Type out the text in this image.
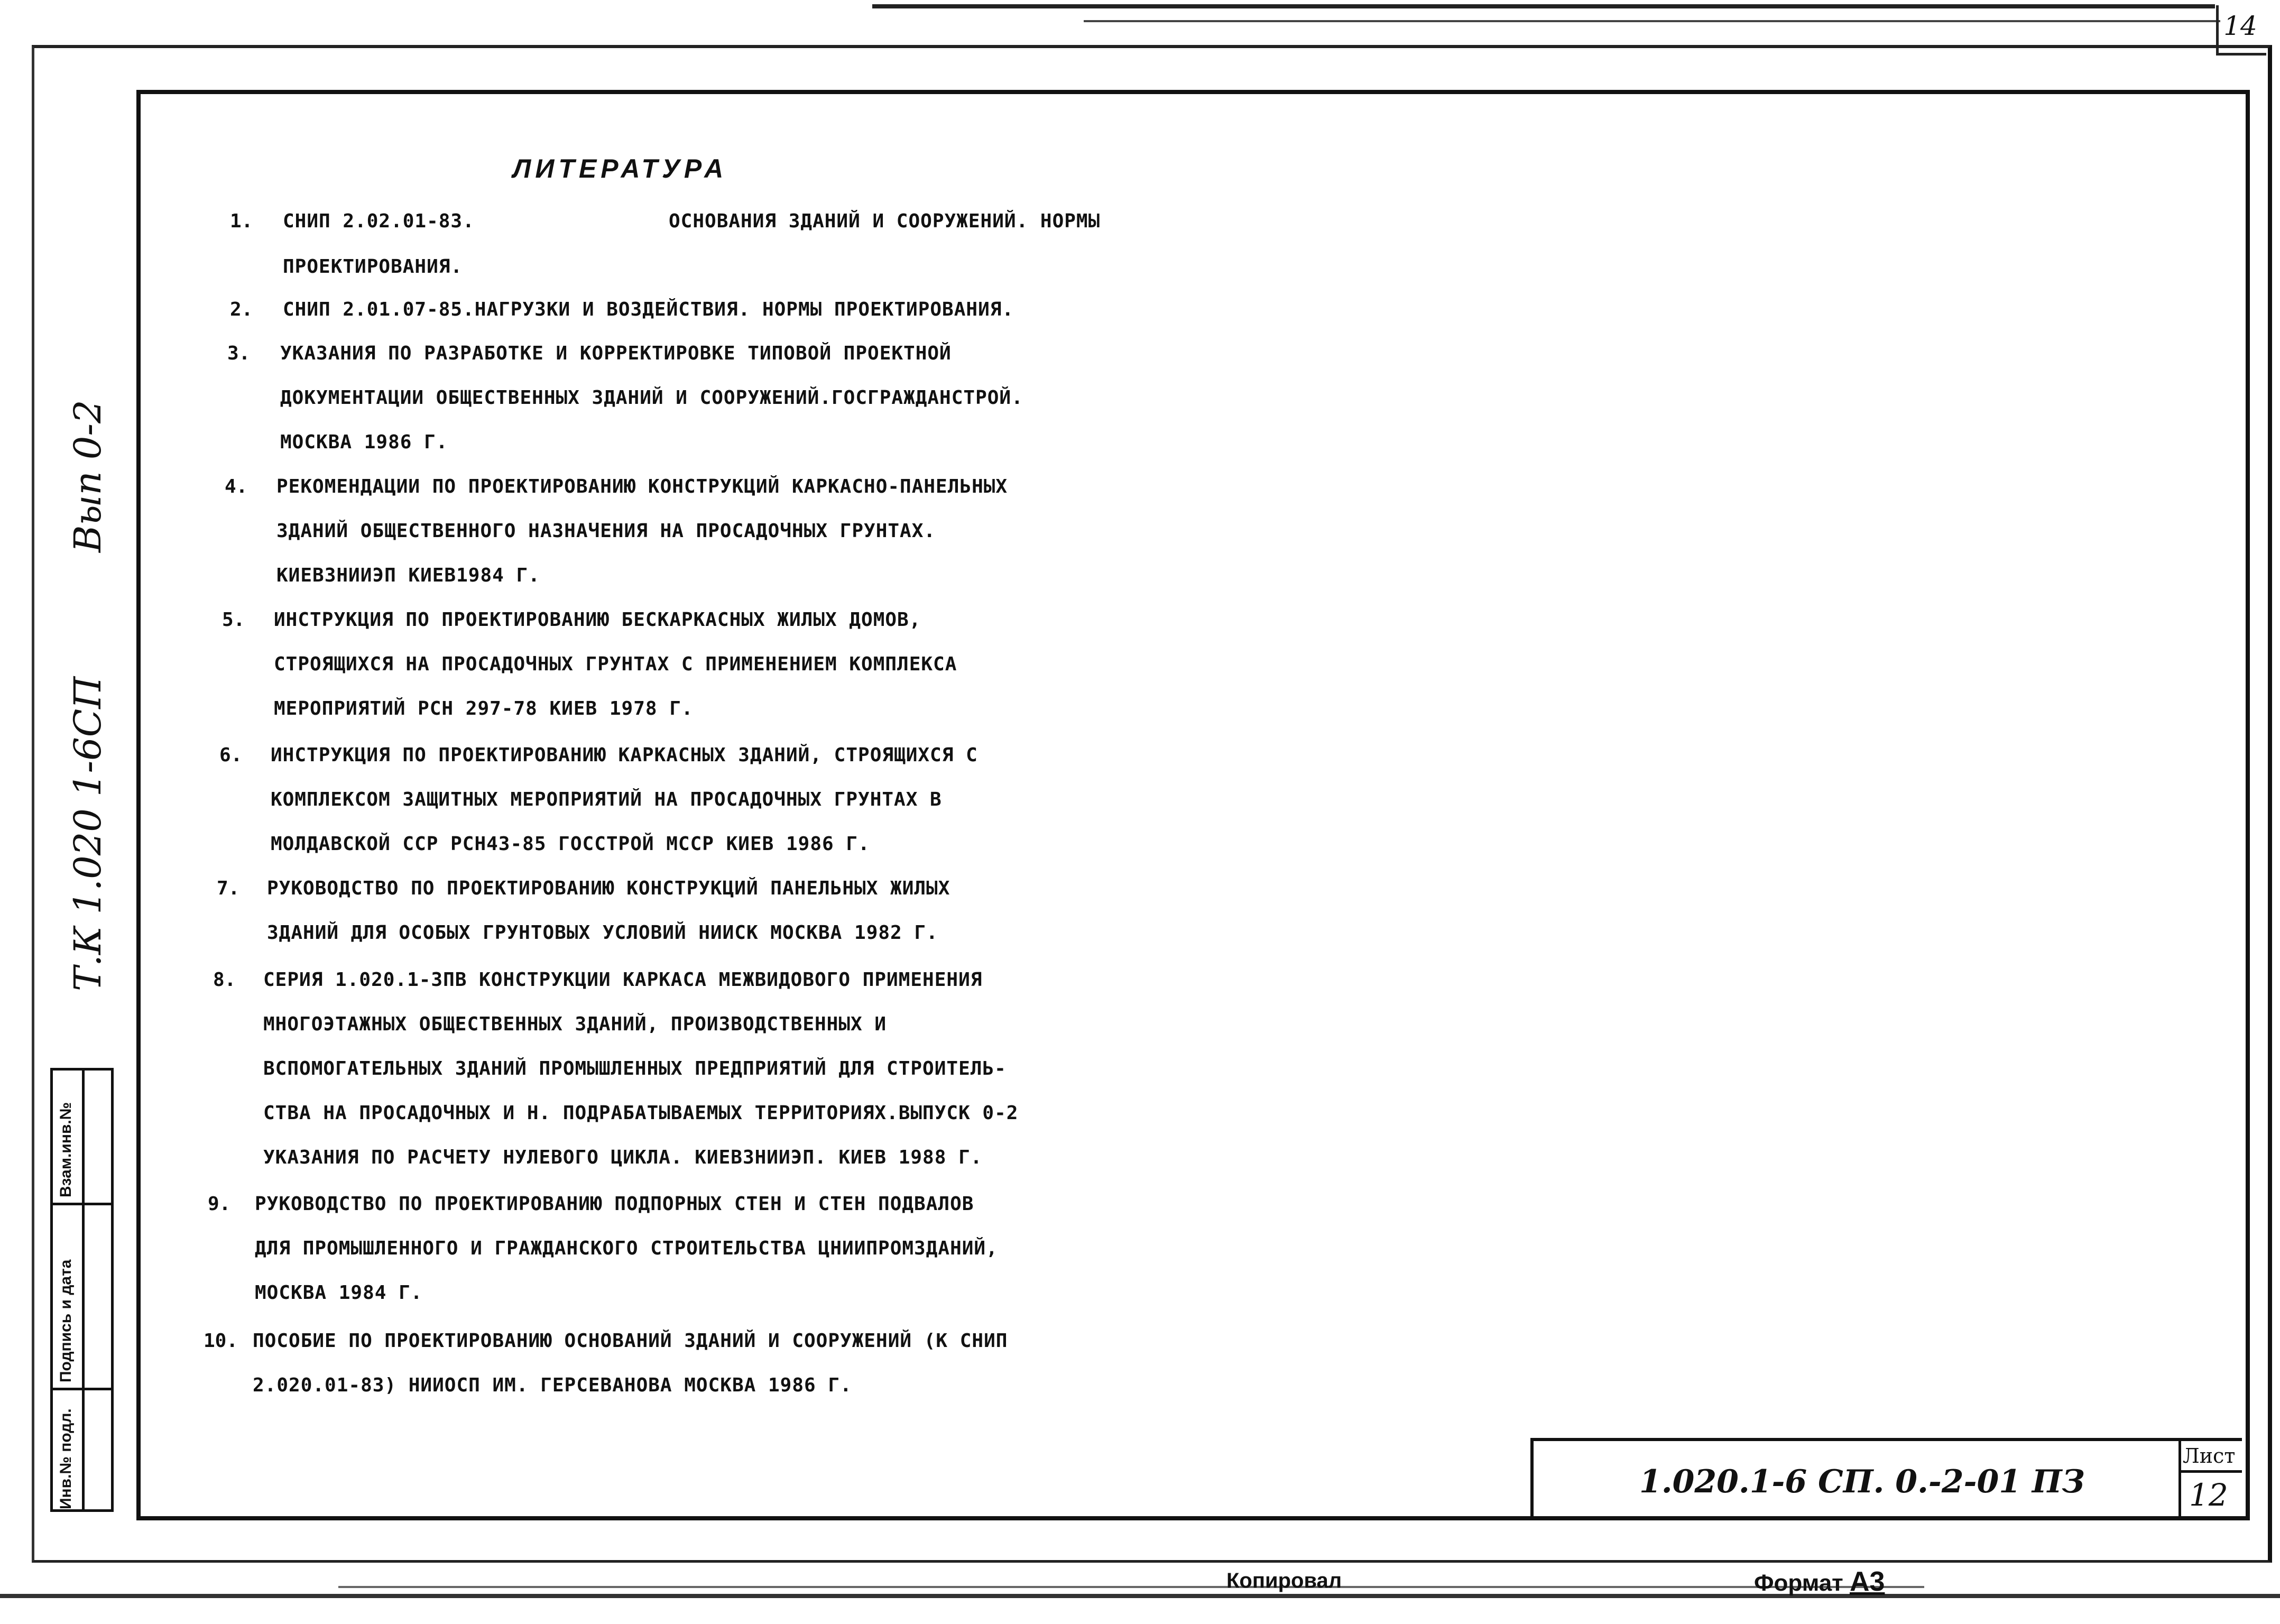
14
Вып 0-2
Т.К 1.020 1-6СП
Взам.инв.№
Подпись и дата
Инв.№ подл.
ЛИТЕРАТУРА
1. СНИП 2.02.01-83.	ОСНОВАНИЯ ЗДАНИЙ И СООРУЖЕНИЙ. НОРМЫ
ПРОЕКТИРОВАНИЯ.
2. СНИП 2.01.07-85.НАГРУЗКИ И ВОЗДЕЙСТВИЯ. НОРМЫ ПРОЕКТИРОВАНИЯ.
3. УКАЗАНИЯ ПО РАЗРАБОТКЕ И КОРРЕКТИРОВКЕ ТИПОВОЙ ПРОЕКТНОЙ
ДОКУМЕНТАЦИИ ОБЩЕСТВЕННЫХ ЗДАНИЙ И СООРУЖЕНИЙ.ГОСГРАЖДАНСТРОЙ.
МОСКВА 1986 Г.
4. РЕКОМЕНДАЦИИ ПО ПРОЕКТИРОВАНИЮ КОНСТРУКЦИЙ КАРКАСНО-ПАНЕЛЬНЫХ
ЗДАНИЙ ОБЩЕСТВЕННОГО НАЗНАЧЕНИЯ НА ПРОСАДОЧНЫХ ГРУНТАХ.
КИЕВЗНИИЭП КИЕВ1984 Г.
5. ИНСТРУКЦИЯ ПО ПРОЕКТИРОВАНИЮ БЕСКАРКАСНЫХ ЖИЛЫХ ДОМОВ,
СТРОЯЩИХСЯ НА ПРОСАДОЧНЫХ ГРУНТАХ С ПРИМЕНЕНИЕМ КОМПЛЕКСА
МЕРОПРИЯТИЙ РСН 297-78 КИЕВ 1978 Г.
6. ИНСТРУКЦИЯ ПО ПРОЕКТИРОВАНИЮ КАРКАСНЫХ ЗДАНИЙ, СТРОЯЩИХСЯ С
КОМПЛЕКСОМ ЗАЩИТНЫХ МЕРОПРИЯТИЙ НА ПРОСАДОЧНЫХ ГРУНТАХ В
МОЛДАВСКОЙ ССР РСН43-85 ГОССТРОЙ МССР КИЕВ 1986 Г.
7. РУКОВОДСТВО ПО ПРОЕКТИРОВАНИЮ КОНСТРУКЦИЙ ПАНЕЛЬНЫХ ЖИЛЫХ
ЗДАНИЙ ДЛЯ ОСОБЫХ ГРУНТОВЫХ УСЛОВИЙ НИИСК МОСКВА 1982 Г.
8. СЕРИЯ 1.020.1-3ПВ КОНСТРУКЦИИ КАРКАСА МЕЖВИДОВОГО ПРИМЕНЕНИЯ
МНОГОЭТАЖНЫХ ОБЩЕСТВЕННЫХ ЗДАНИЙ, ПРОИЗВОДСТВЕННЫХ И
ВСПОМОГАТЕЛЬНЫХ ЗДАНИЙ ПРОМЫШЛЕННЫХ ПРЕДПРИЯТИЙ ДЛЯ СТРОИТЕЛЬ-
СТВА НА ПРОСАДОЧНЫХ И Н. ПОДРАБАТЫВАЕМЫХ ТЕРРИТОРИЯХ.ВЫПУСК 0-2
УКАЗАНИЯ ПО РАСЧЕТУ НУЛЕВОГО ЦИКЛА. КИЕВЗНИИЭП. КИЕВ 1988 Г.
9. РУКОВОДСТВО ПО ПРОЕКТИРОВАНИЮ ПОДПОРНЫХ СТЕН И СТЕН ПОДВАЛОВ
ДЛЯ ПРОМЫШЛЕННОГО И ГРАЖДАНСКОГО СТРОИТЕЛЬСТВА ЦНИИПРОМЗДАНИЙ,
МОСКВА 1984 Г.
10. ПОСОБИЕ ПО ПРОЕКТИРОВАНИЮ ОСНОВАНИЙ ЗДАНИЙ И СООРУЖЕНИЙ (К СНИП
2.020.01-83) НИИОСП ИМ. ГЕРСЕВАНОВА МОСКВА 1986 Г.
1.020.1-6 СП. 0.-2-01 ПЗ
Лист
12
Копировал	Формат А3
